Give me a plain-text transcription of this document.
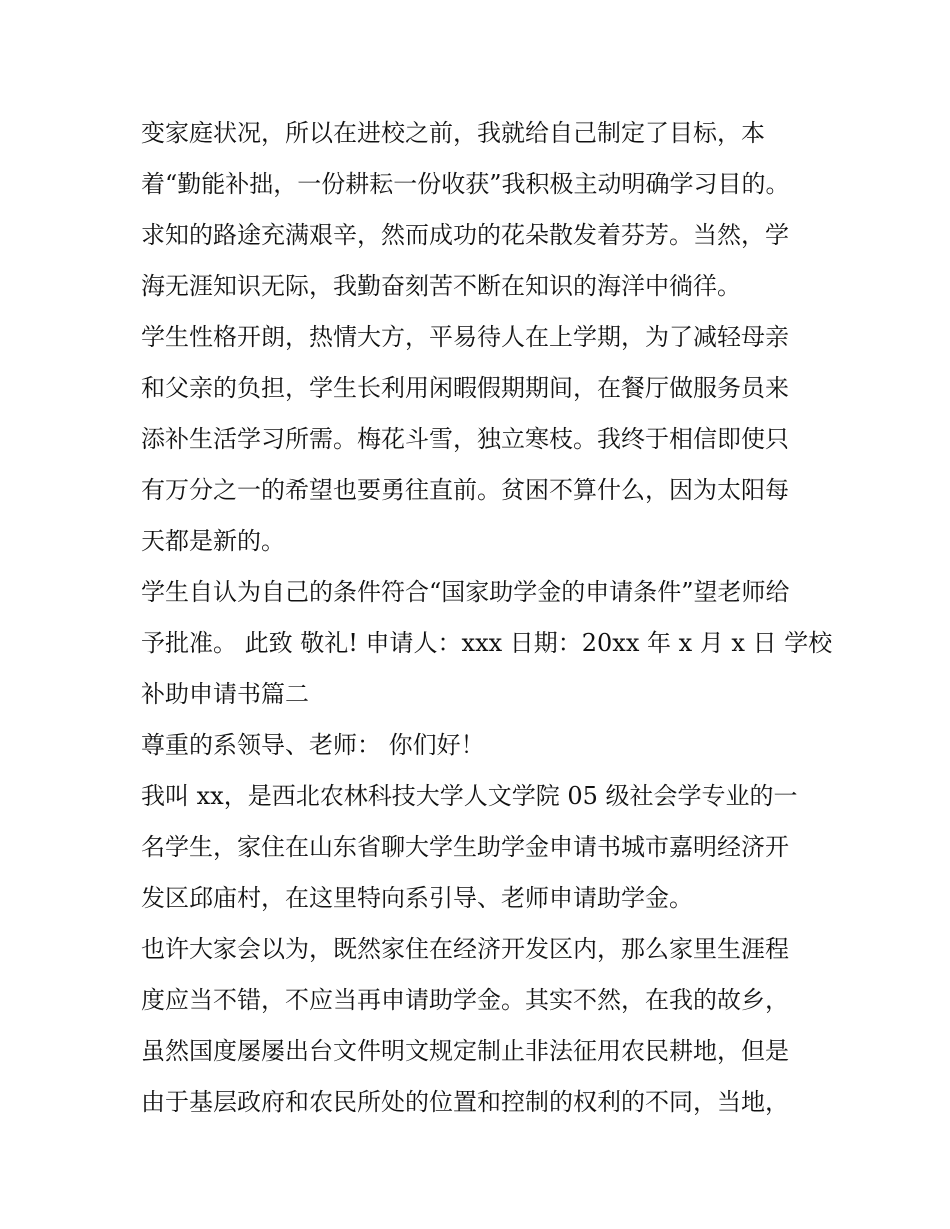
变家庭状况，所以在进校之前，我就给自己制定了目标，本
着“勤能补拙，一份耕耘一份收获”我积极主动明确学习目的。
求知的路途充满艰辛，然而成功的花朵散发着芬芳。当然，学
海无涯知识无际，我勤奋刻苦不断在知识的海洋中徜徉。
学生性格开朗，热情大方，平易待人在上学期，为了减轻母亲
和父亲的负担，学生长利用闲暇假期期间，在餐厅做服务员来
添补生活学习所需。梅花斗雪，独立寒枝。我终于相信即使只
有万分之一的希望也要勇往直前。贫困不算什么，因为太阳每
天都是新的。
学生自认为自己的条件符合“国家助学金的申请条件”望老师给
予批准。 此致 敬礼! 申请人：xxx 日期：20xx 年 x 月 x 日 学校
补助申请书篇二
尊重的系领导、老师： 你们好！
我叫 xx，是西北农林科技大学人文学院 05 级社会学专业的一
名学生，家住在山东省聊大学生助学金申请书城市嘉明经济开
发区邱庙村，在这里特向系引导、老师申请助学金。
也许大家会以为，既然家住在经济开发区内，那么家里生涯程
度应当不错，不应当再申请助学金。其实不然，在我的故乡，
虽然国度屡屡出台文件明文规定制止非法征用农民耕地，但是
由于基层政府和农民所处的位置和控制的权利的不同，当地，
